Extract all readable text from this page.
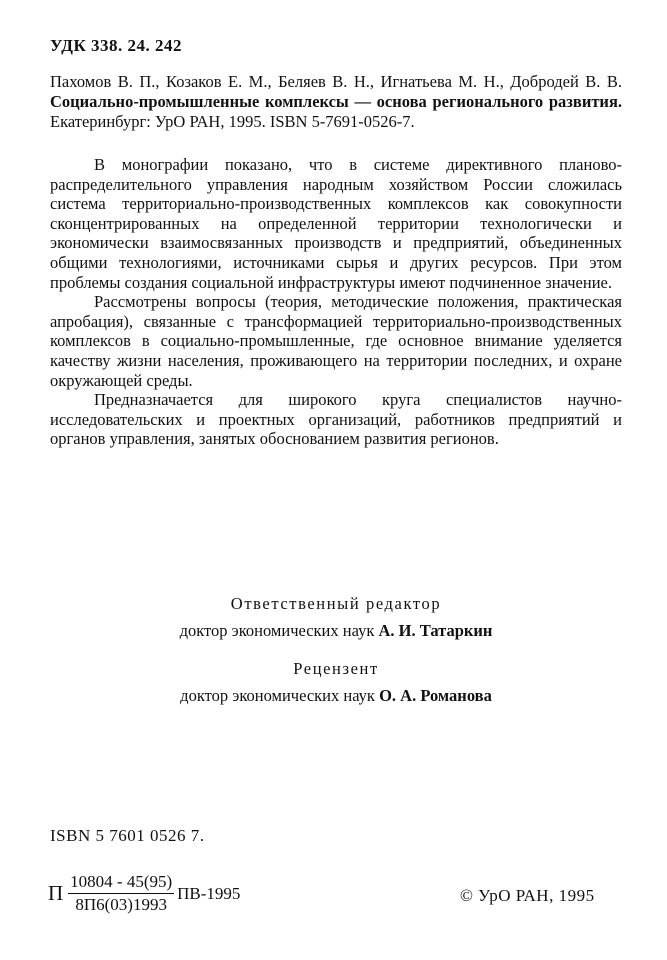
УДК 338. 24. 242
Пахомов В. П., Козаков Е. М., Беляев В. Н., Игнатьева М. Н., Добродей В. В. Социально-промышленные комплексы — основа регионального развития. Екатеринбург: УрО РАН, 1995. ISBN 5-7691-0526-7.

В монографии показано, что в системе директивного планово-распределительного управления народным хозяйством России сложилась система территориально-производственных комплексов как совокупности сконцентрированных на определенной территории технологически и экономически взаимосвязанных производств и предприятий, объединенных общими технологиями, источниками сырья и других ресурсов. При этом проблемы создания социальной инфраструктуры имеют подчиненное значение.

Рассмотрены вопросы (теория, методические положения, практическая апробация), связанные с трансформацией территориально-производственных комплексов в социально-промышленные, где основное внимание уделяется качеству жизни населения, проживающего на территории последних, и охране окружающей среды.

Предназначается для широкого круга специалистов научно-исследовательских и проектных организаций, работников предприятий и органов управления, занятых обоснованием развития регионов.

Ответственный редактор
доктор экономических наук А. И. Татаркин
Рецензент
доктор экономических наук О. А. Романова
ISBN 5 7601 0526 7.
П $\frac{10804 - 45(95)}{8П6(03)1993} ПВ-1995$	© УрО РАН, 1995
